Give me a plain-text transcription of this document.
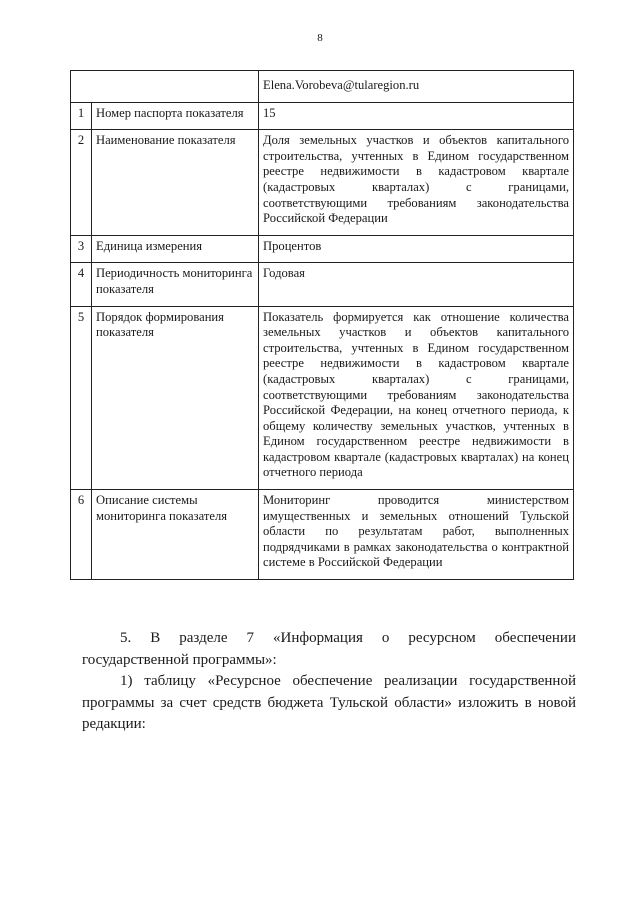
8
		Elena.Vorobeva@tularegion.ru
1	Номер паспорта показателя	15
2	Наименование показателя	Доля земельных участков и объектов капитального строительства, учтенных в Едином государственном реестре недвижимости в кадастровом квартале (кадастровых кварталах) с границами, соответствующими требованиям законодательства Российской Федерации
3	Единица измерения	Процентов
4	Периодичность мониторинга показателя	Годовая
5	Порядок формирования показателя	Показатель формируется как отношение количества земельных участков и объектов капитального строительства, учтенных в Едином государственном реестре недвижимости в кадастровом квартале (кадастровых кварталах) с границами, соответствующими требованиям законодательства Российской Федерации, на конец отчетного периода, к общему количеству земельных участков, учтенных в Едином государственном реестре недвижимости в кадастровом квартале (кадастровых кварталах) на конец отчетного периода
6	Описание системы мониторинга показателя	Мониторинг проводится министерством имущественных и земельных отношений Тульской области по результатам работ, выполненных подрядчиками в рамках законодательства о контрактной системе в Российской Федерации

5. В разделе 7 «Информация о ресурсном обеспечении государственной программы»:

1) таблицу «Ресурсное обеспечение реализации государственной программы за счет средств бюджета Тульской области» изложить в новой редакции:
